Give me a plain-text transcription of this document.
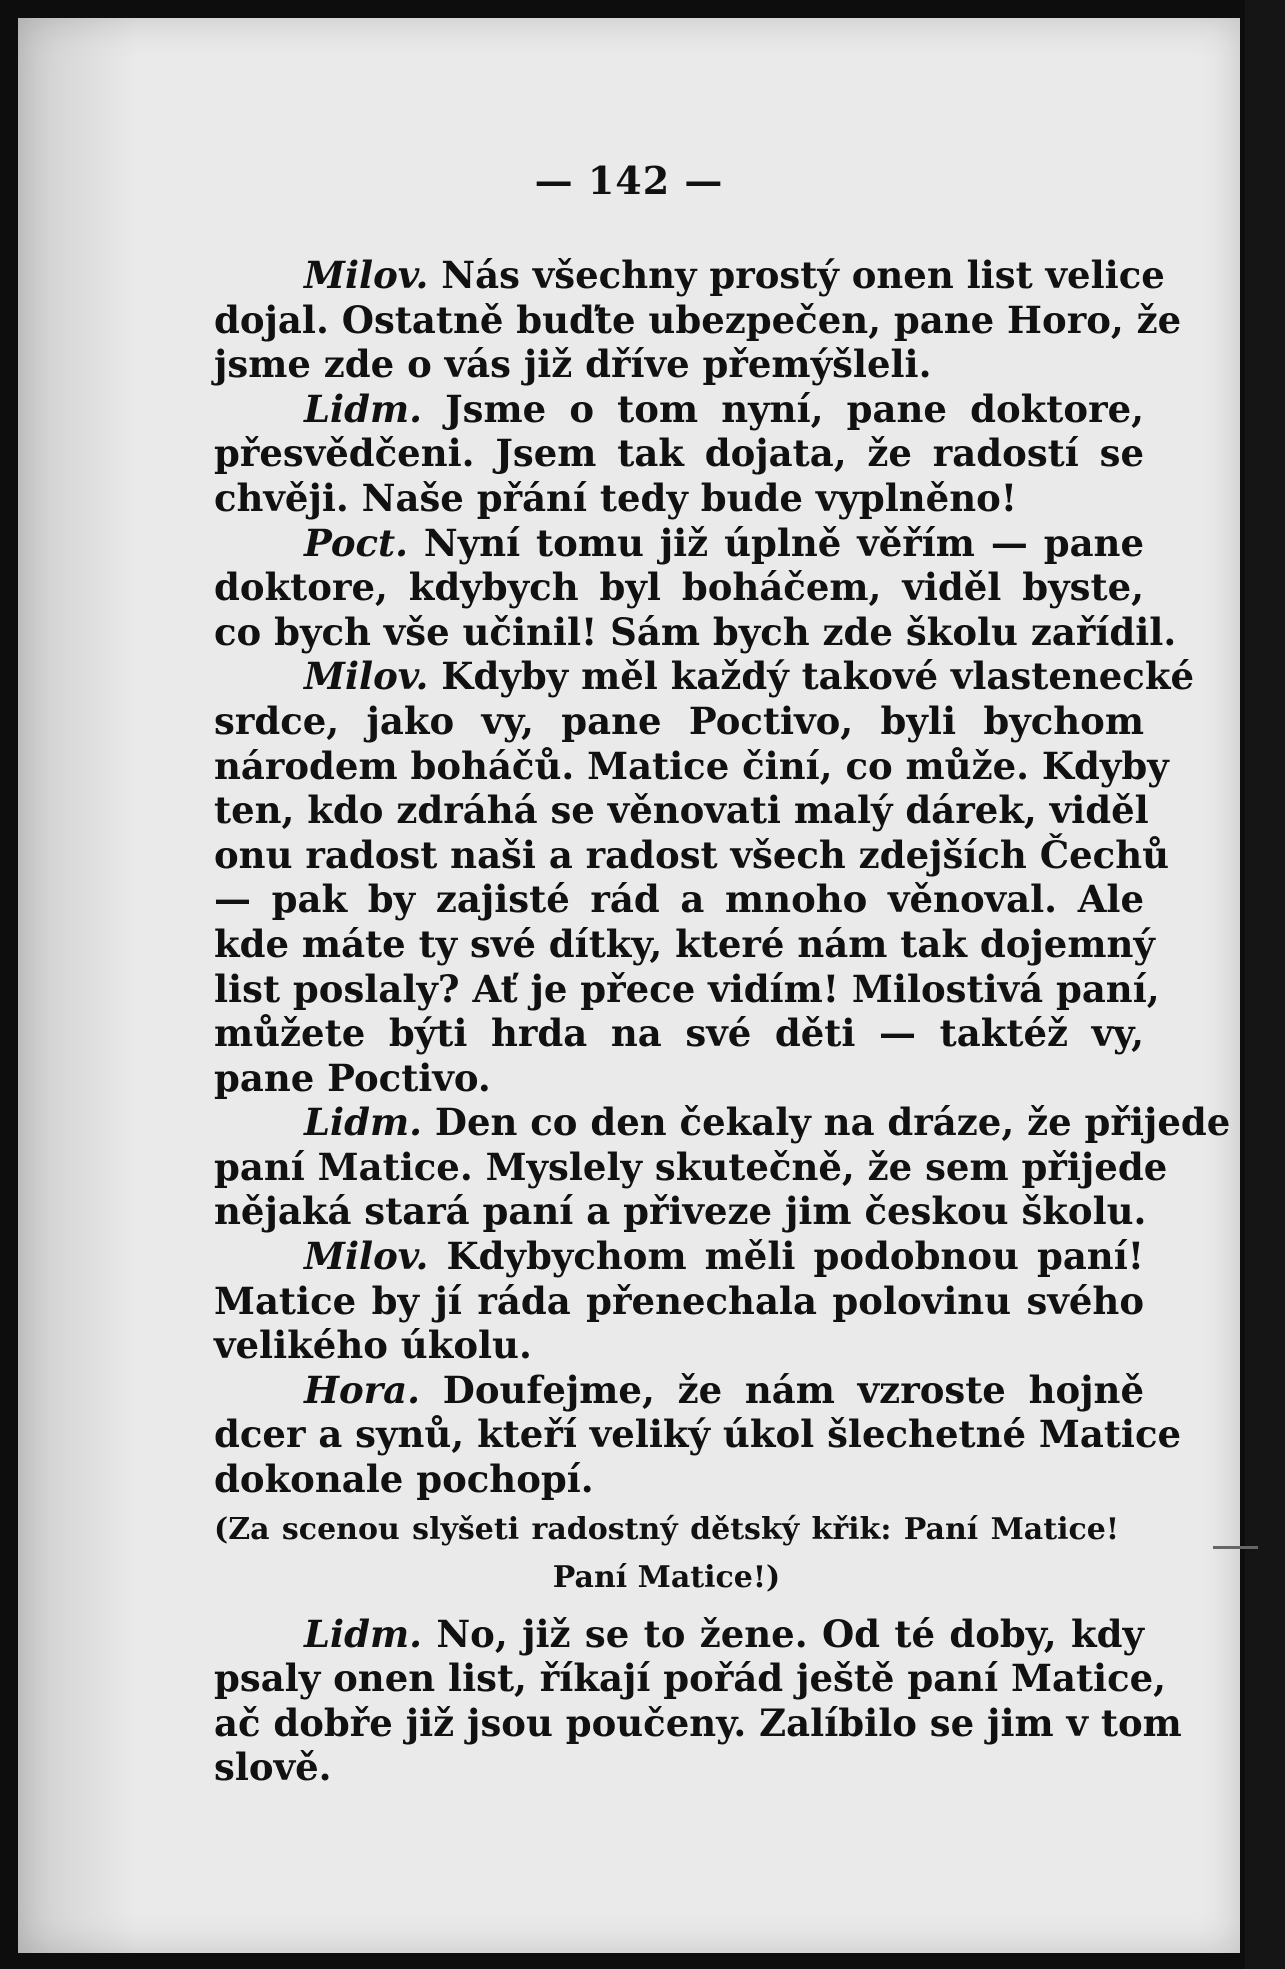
— 142 —
Milov. Nás všechny prostý onen list velice
dojal. Ostatně buďte ubezpečen, pane Horo, že
jsme zde o vás již dříve přemýšleli.
Lidm. Jsme o tom nyní, pane doktore,
přesvědčeni. Jsem tak dojata, že radostí se
chvěji. Naše přání tedy bude vyplněno!
Poct. Nyní tomu již úplně věřím — pane
doktore, kdybych byl boháčem, viděl byste,
co bych vše učinil! Sám bych zde školu zařídil.
Milov. Kdyby měl každý takové vlastenecké
srdce, jako vy, pane Poctivo, byli bychom
národem boháčů. Matice činí, co může. Kdyby
ten, kdo zdráhá se věnovati malý dárek, viděl
onu radost naši a radost všech zdejších Čechů
— pak by zajisté rád a mnoho věnoval. Ale
kde máte ty své dítky, které nám tak dojemný
list poslaly? Ať je přece vidím! Milostivá paní,
můžete býti hrda na své děti — taktéž vy,
pane Poctivo.
Lidm. Den co den čekaly na dráze, že přijede
paní Matice. Myslely skutečně, že sem přijede
nějaká stará paní a přiveze jim českou školu.
Milov. Kdybychom měli podobnou paní!
Matice by jí ráda přenechala polovinu svého
velikého úkolu.
Hora. Doufejme, že nám vzroste hojně
dcer a synů, kteří veliký úkol šlechetné Matice
dokonale pochopí.
(Za scenou slyšeti radostný dětský křik: Paní Matice!
Paní Matice!)
Lidm. No, již se to žene. Od té doby, kdy
psaly onen list, říkají pořád ještě paní Matice,
ač dobře již jsou poučeny. Zalíbilo se jim v tom
slově.
